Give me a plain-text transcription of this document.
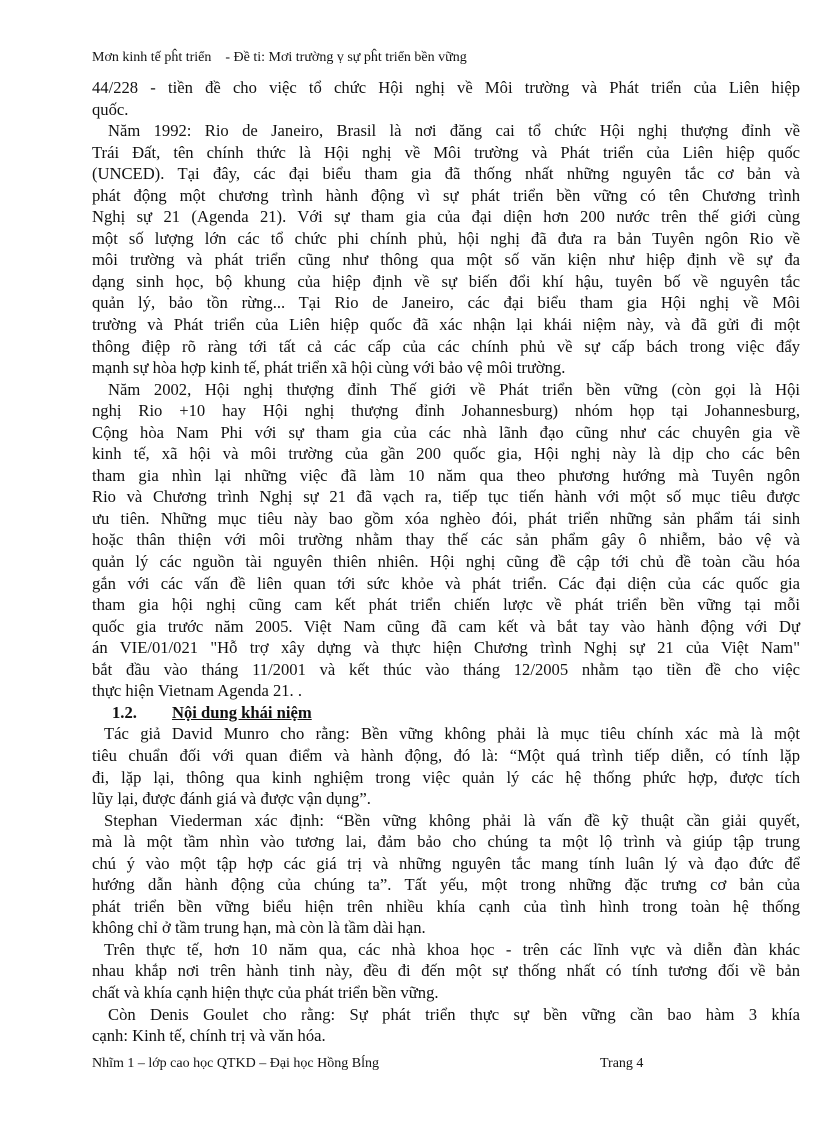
Mơn kinh tế pĥt triển    - Đề ti: Mơi trường ṿ sự pĥt triển bền vững
44/228 - tiền đề cho việc tổ chức Hội nghị về Môi trường và Phát triển của Liên hiệp
quốc.
Năm 1992: Rio de Janeiro, Brasil là nơi đăng cai tổ chức Hội nghị thượng đỉnh về
Trái Đất, tên chính thức là Hội nghị về Môi trường và Phát triển của Liên hiệp quốc
(UNCED). Tại đây, các đại biểu tham gia đã thống nhất những nguyên tắc cơ bản và
phát động một chương trình hành động vì sự phát triển bền vững có tên Chương trình
Nghị sự 21 (Agenda 21). Với sự tham gia của đại diện hơn 200 nước trên thế giới cùng
một số lượng lớn các tổ chức phi chính phủ, hội nghị đã đưa ra bản Tuyên ngôn Rio về
môi trường và phát triển cũng như thông qua một số văn kiện như hiệp định về sự đa
dạng sinh học, bộ khung của hiệp định về sự biến đổi khí hậu, tuyên bố về nguyên tắc
quản lý, bảo tồn rừng... Tại Rio de Janeiro, các đại biểu tham gia Hội nghị về Môi
trường và Phát triển của Liên hiệp quốc đã xác nhận lại khái niệm này, và đã gửi đi một
thông điệp rõ ràng tới tất cả các cấp của các chính phủ về sự cấp bách trong việc đẩy
mạnh sự hòa hợp kinh tế, phát triển xã hội cùng với bảo vệ môi trường.
Năm 2002, Hội nghị thượng đỉnh Thế giới về Phát triển bền vững (còn gọi là Hội
nghị Rio +10 hay Hội nghị thượng đỉnh Johannesburg) nhóm họp tại Johannesburg,
Cộng hòa Nam Phi với sự tham gia của các nhà lãnh đạo cũng như các chuyên gia về
kinh tế, xã hội và môi trường của gần 200 quốc gia, Hội nghị này là dịp cho các bên
tham gia nhìn lại những việc đã làm 10 năm qua theo phương hướng mà Tuyên ngôn
Rio và Chương trình Nghị sự 21 đã vạch ra, tiếp tục tiến hành với một số mục tiêu được
ưu tiên. Những mục tiêu này bao gồm xóa nghèo đói, phát triển những sản phẩm tái sinh
hoặc thân thiện với môi trường nhằm thay thế các sản phẩm gây ô nhiễm, bảo vệ và
quản lý các nguồn tài nguyên thiên nhiên. Hội nghị cũng đề cập tới chủ đề toàn cầu hóa
gắn với các vấn đề liên quan tới sức khỏe và phát triển. Các đại diện của các quốc gia
tham gia hội nghị cũng cam kết phát triển chiến lược về phát triển bền vững tại mỗi
quốc gia trước năm 2005. Việt Nam cũng đã cam kết và bắt tay vào hành động với Dự
án VIE/01/021 "Hỗ trợ xây dựng và thực hiện Chương trình Nghị sự 21 của Việt Nam"
bắt đầu vào tháng 11/2001 và kết thúc vào tháng 12/2005 nhằm tạo tiền đề cho việc
thực hiện Vietnam Agenda 21. .
1.2. Nội dung khái niệm
Tác giả David Munro cho rằng: Bền vững không phải là mục tiêu chính xác mà là một
tiêu chuẩn đối với quan điểm và hành động, đó là: “Một quá trình tiếp diễn, có tính lặp
đi, lặp lại, thông qua kinh nghiệm trong việc quản lý các hệ thống phức hợp, được tích
lũy lại, được đánh giá và được vận dụng”.
Stephan Viederman xác định: “Bền vững không phải là vấn đề kỹ thuật cần giải quyết,
mà là một tầm nhìn vào tương lai, đảm bảo cho chúng ta một lộ trình và giúp tập trung
chú ý vào một tập hợp các giá trị và những nguyên tắc mang tính luân lý và đạo đức để
hướng dẫn hành động của chúng ta”. Tất yếu, một trong những đặc trưng cơ bản của
phát triển bền vững biểu hiện trên nhiều khía cạnh của tình hình trong toàn hệ thống
không chỉ ở tầm trung hạn, mà còn là tầm dài hạn.
Trên thực tế, hơn 10 năm qua, các nhà khoa học - trên các lĩnh vực và diễn đàn khác
nhau khắp nơi trên hành tinh này, đều đi đến một sự thống nhất có tính tương đối về bản
chất và khía cạnh hiện thực của phát triển bền vững.
Còn Denis Goulet cho rằng: Sự phát triển thực sự bền vững cần bao hàm 3 khía
cạnh: Kinh tế, chính trị và văn hóa.
Nhĩm 1 – lớp cao học QTKD – Đại học Hồng Bĺng	Trang 4
